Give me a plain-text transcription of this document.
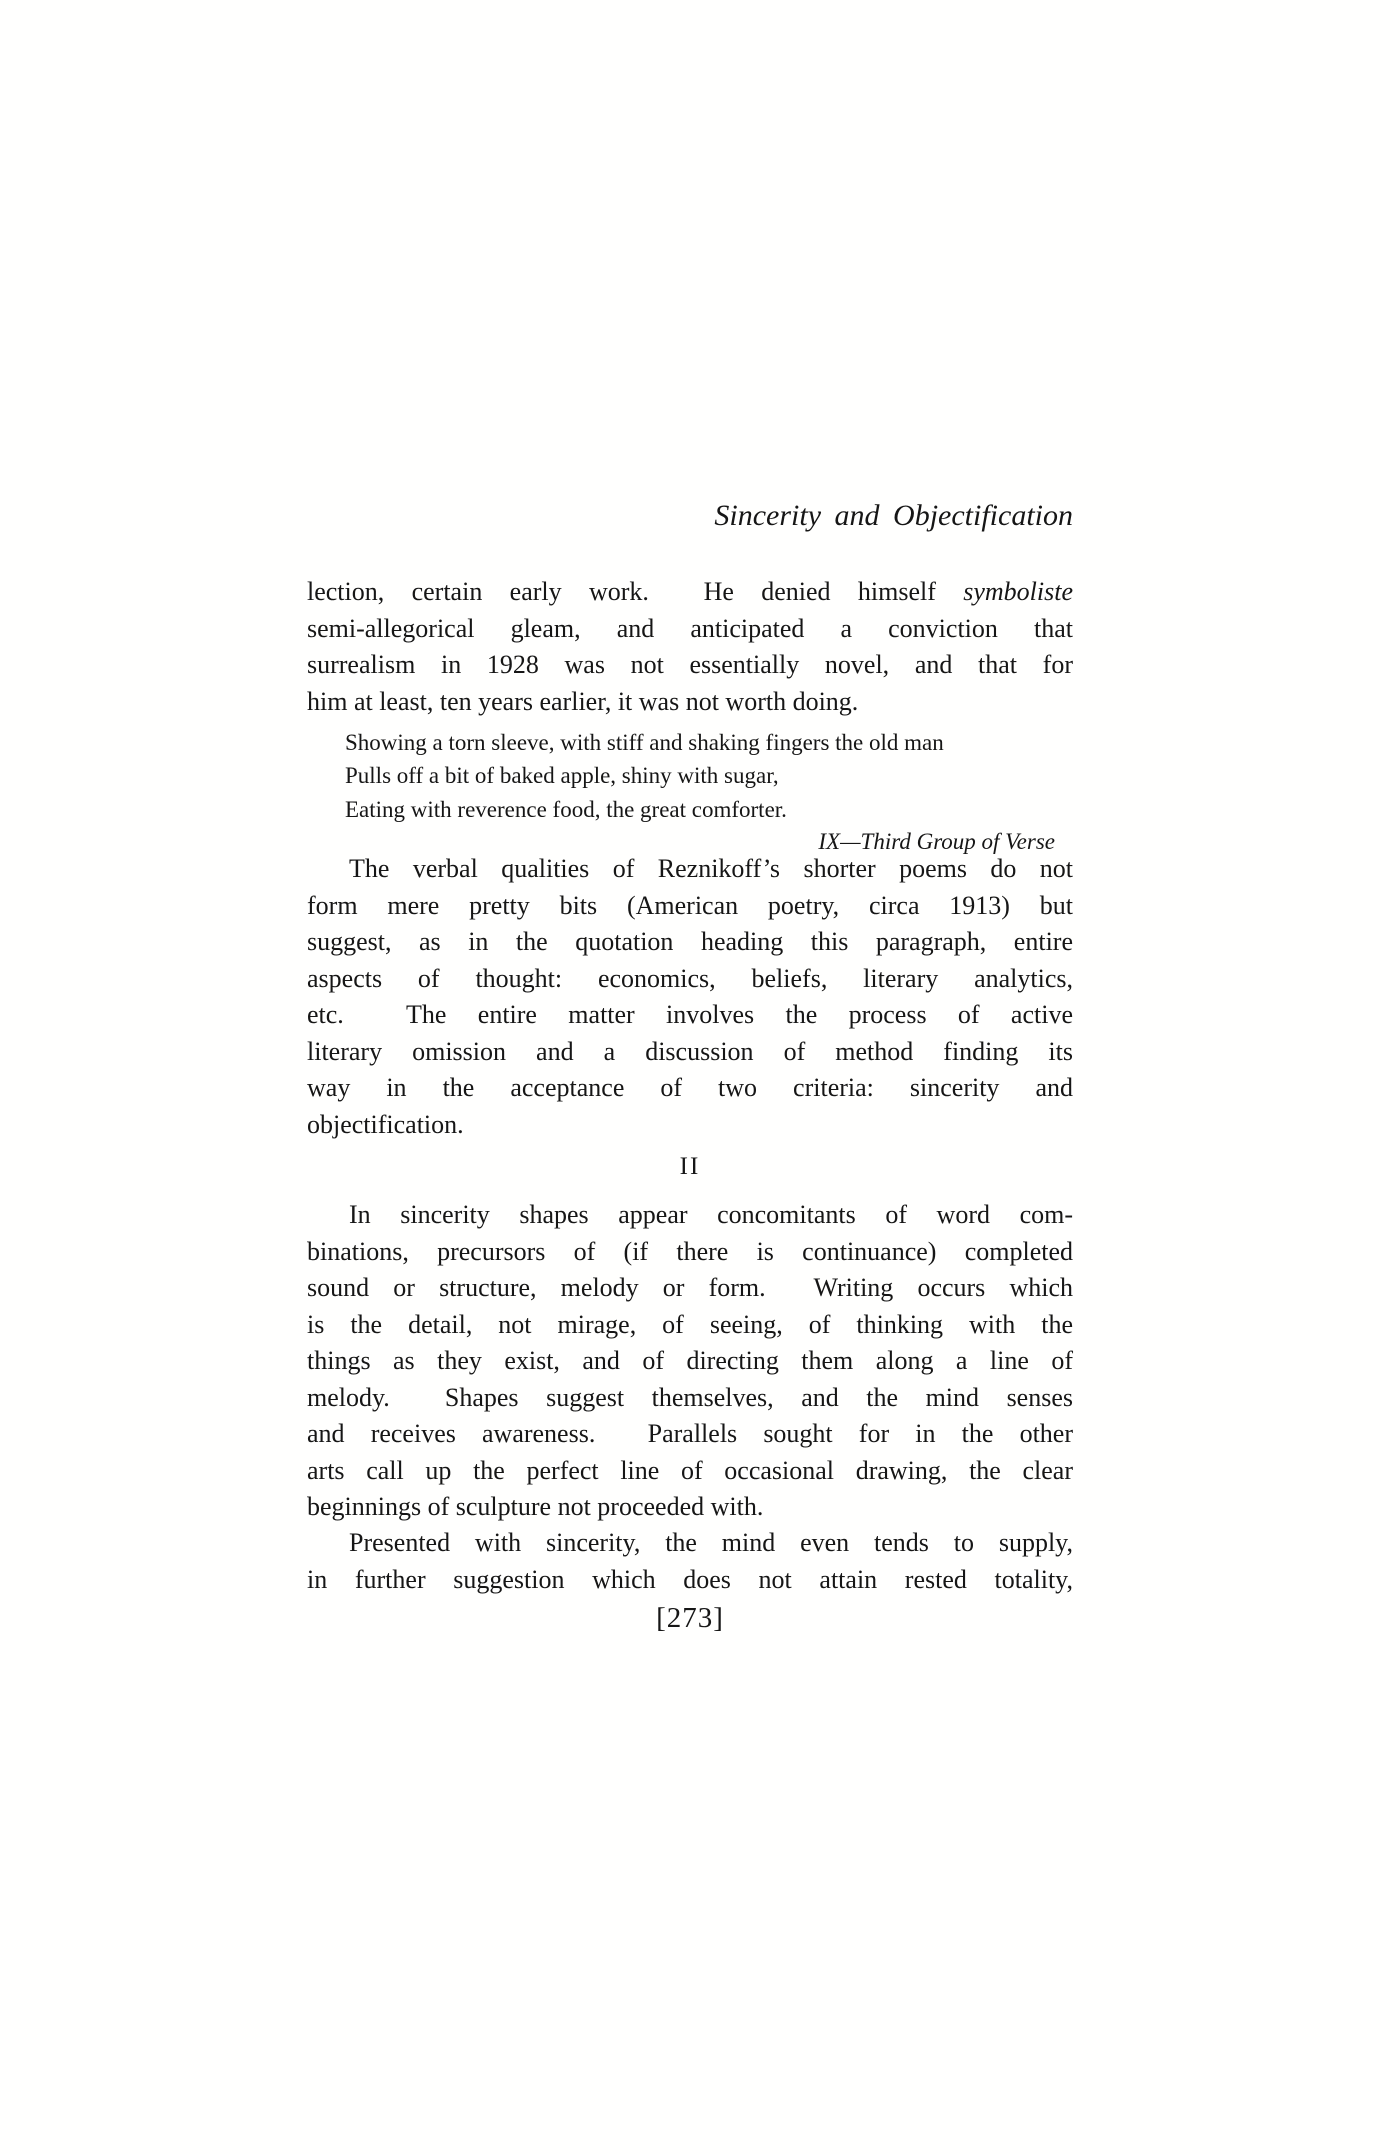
Sincerity and Objectification
lection, certain early work.  He denied himself symboliste
semi-allegorical gleam, and anticipated a conviction that
surrealism in 1928 was not essentially novel, and that for
him at least, ten years earlier, it was not worth doing.
Showing a torn sleeve, with stiff and shaking fingers the old man
Pulls off a bit of baked apple, shiny with sugar,
Eating with reverence food, the great comforter.
IX—Third Group of Verse
The verbal qualities of Reznikoff’s shorter poems do not
form mere pretty bits (American poetry, circa 1913) but
suggest, as in the quotation heading this paragraph, entire
aspects of thought: economics, beliefs, literary analytics,
etc.  The entire matter involves the process of active
literary omission and a discussion of method finding its
way in the acceptance of two criteria: sincerity and
objectification.
II
In sincerity shapes appear concomitants of word com-
binations, precursors of (if there is continuance) completed
sound or structure, melody or form.  Writing occurs which
is the detail, not mirage, of seeing, of thinking with the
things as they exist, and of directing them along a line of
melody.  Shapes suggest themselves, and the mind senses
and receives awareness.  Parallels sought for in the other
arts call up the perfect line of occasional drawing, the clear
beginnings of sculpture not proceeded with.
Presented with sincerity, the mind even tends to supply,
in further suggestion which does not attain rested totality,
[273]
